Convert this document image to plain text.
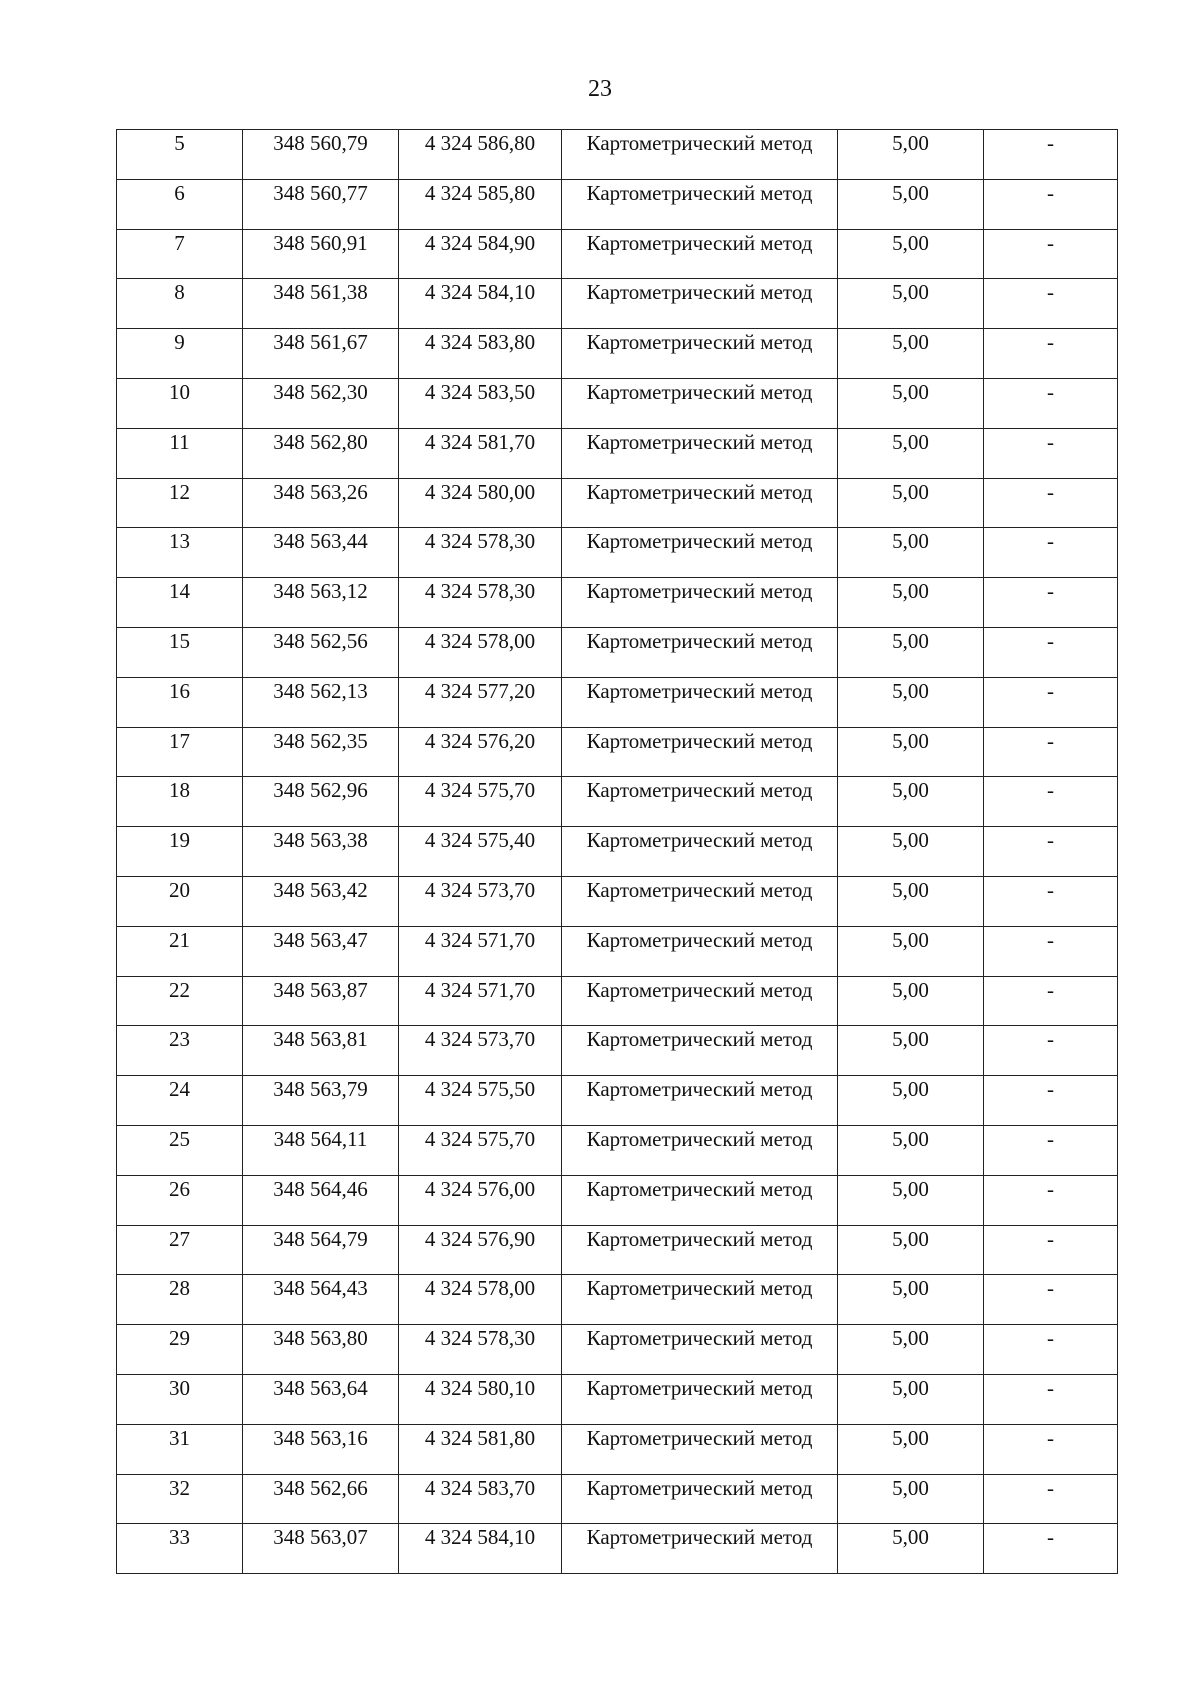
23
5	348 560,79	4 324 586,80	Картометрический метод	5,00	-
6	348 560,77	4 324 585,80	Картометрический метод	5,00	-
7	348 560,91	4 324 584,90	Картометрический метод	5,00	-
8	348 561,38	4 324 584,10	Картометрический метод	5,00	-
9	348 561,67	4 324 583,80	Картометрический метод	5,00	-
10	348 562,30	4 324 583,50	Картометрический метод	5,00	-
11	348 562,80	4 324 581,70	Картометрический метод	5,00	-
12	348 563,26	4 324 580,00	Картометрический метод	5,00	-
13	348 563,44	4 324 578,30	Картометрический метод	5,00	-
14	348 563,12	4 324 578,30	Картометрический метод	5,00	-
15	348 562,56	4 324 578,00	Картометрический метод	5,00	-
16	348 562,13	4 324 577,20	Картометрический метод	5,00	-
17	348 562,35	4 324 576,20	Картометрический метод	5,00	-
18	348 562,96	4 324 575,70	Картометрический метод	5,00	-
19	348 563,38	4 324 575,40	Картометрический метод	5,00	-
20	348 563,42	4 324 573,70	Картометрический метод	5,00	-
21	348 563,47	4 324 571,70	Картометрический метод	5,00	-
22	348 563,87	4 324 571,70	Картометрический метод	5,00	-
23	348 563,81	4 324 573,70	Картометрический метод	5,00	-
24	348 563,79	4 324 575,50	Картометрический метод	5,00	-
25	348 564,11	4 324 575,70	Картометрический метод	5,00	-
26	348 564,46	4 324 576,00	Картометрический метод	5,00	-
27	348 564,79	4 324 576,90	Картометрический метод	5,00	-
28	348 564,43	4 324 578,00	Картометрический метод	5,00	-
29	348 563,80	4 324 578,30	Картометрический метод	5,00	-
30	348 563,64	4 324 580,10	Картометрический метод	5,00	-
31	348 563,16	4 324 581,80	Картометрический метод	5,00	-
32	348 562,66	4 324 583,70	Картометрический метод	5,00	-
33	348 563,07	4 324 584,10	Картометрический метод	5,00	-
